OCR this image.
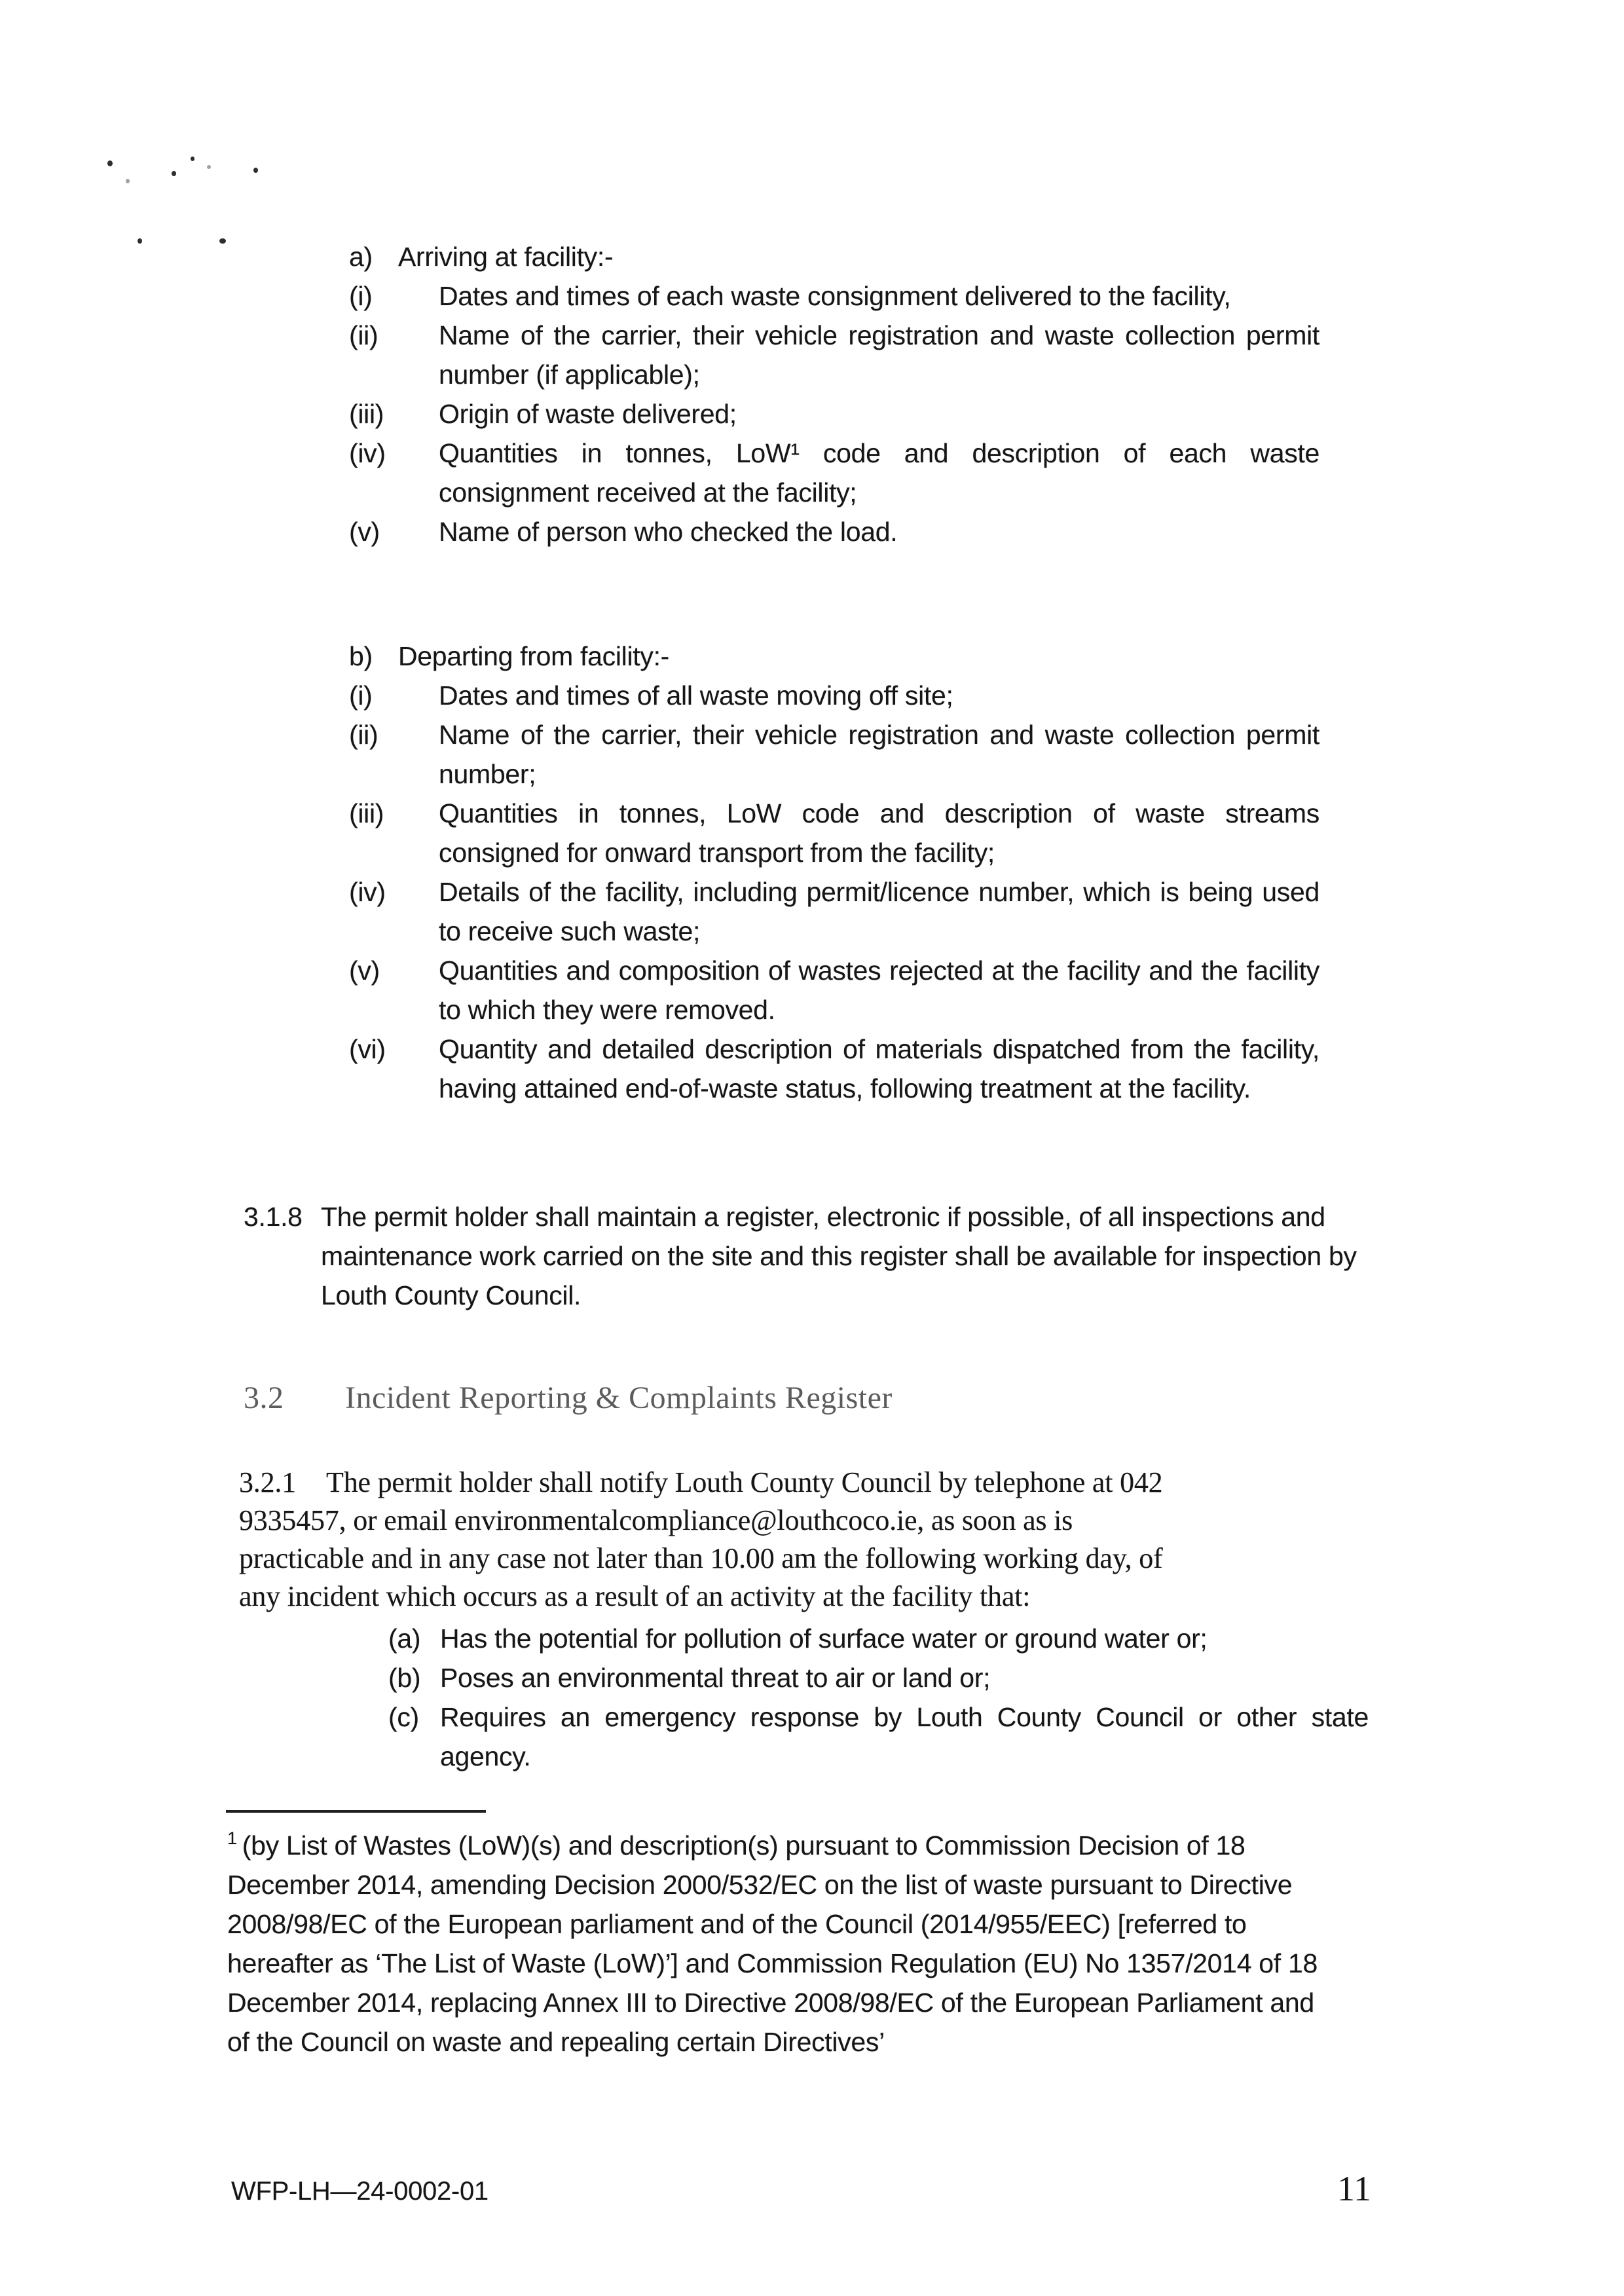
a) Arriving at facility:-
(i)	Dates and times of each waste consignment delivered to the facility,
(ii)	Name of the carrier, their vehicle registration and waste collection permit number (if applicable);
(iii)	Origin of waste delivered;
(iv)	Quantities in tonnes, LoW¹ code and description of each waste consignment received at the facility;
(v)	Name of person who checked the load.
b) Departing from facility:-
(i)	Dates and times of all waste moving off site;
(ii)	Name of the carrier, their vehicle registration and waste collection permit number;
(iii)	Quantities in tonnes, LoW code and description of waste streams consigned for onward transport from the facility;
(iv)	Details of the facility, including permit/licence number, which is being used to receive such waste;
(v)	Quantities and composition of wastes rejected at the facility and the facility to which they were removed.
(vi)	Quantity and detailed description of materials dispatched from the facility, having attained end-of-waste status, following treatment at the facility.
3.1.8 The permit holder shall maintain a register, electronic if possible, of all inspections and maintenance work carried on the site and this register shall be available for inspection by Louth County Council.
3.2	Incident Reporting & Complaints Register
3.2.1 The permit holder shall notify Louth County Council by telephone at 042 9335457, or email environmentalcompliance@louthcoco.ie, as soon as is practicable and in any case not later than 10.00 am the following working day, of any incident which occurs as a result of an activity at the facility that:
(a) Has the potential for pollution of surface water or ground water or;
(b) Poses an environmental threat to air or land or;
(c) Requires an emergency response by Louth County Council or other state agency.
$^1$ (by List of Wastes (LoW)(s) and description(s) pursuant to Commission Decision of 18 December 2014, amending Decision 2000/532/EC on the list of waste pursuant to Directive 2008/98/EC of the European parliament and of the Council (2014/955/EEC) [referred to hereafter as ‘The List of Waste (LoW)’] and Commission Regulation (EU) No 1357/2014 of 18 December 2014, replacing Annex III to Directive 2008/98/EC of the European Parliament and of the Council on waste and repealing certain Directives’
WFP-LH—24-0002-01	11
